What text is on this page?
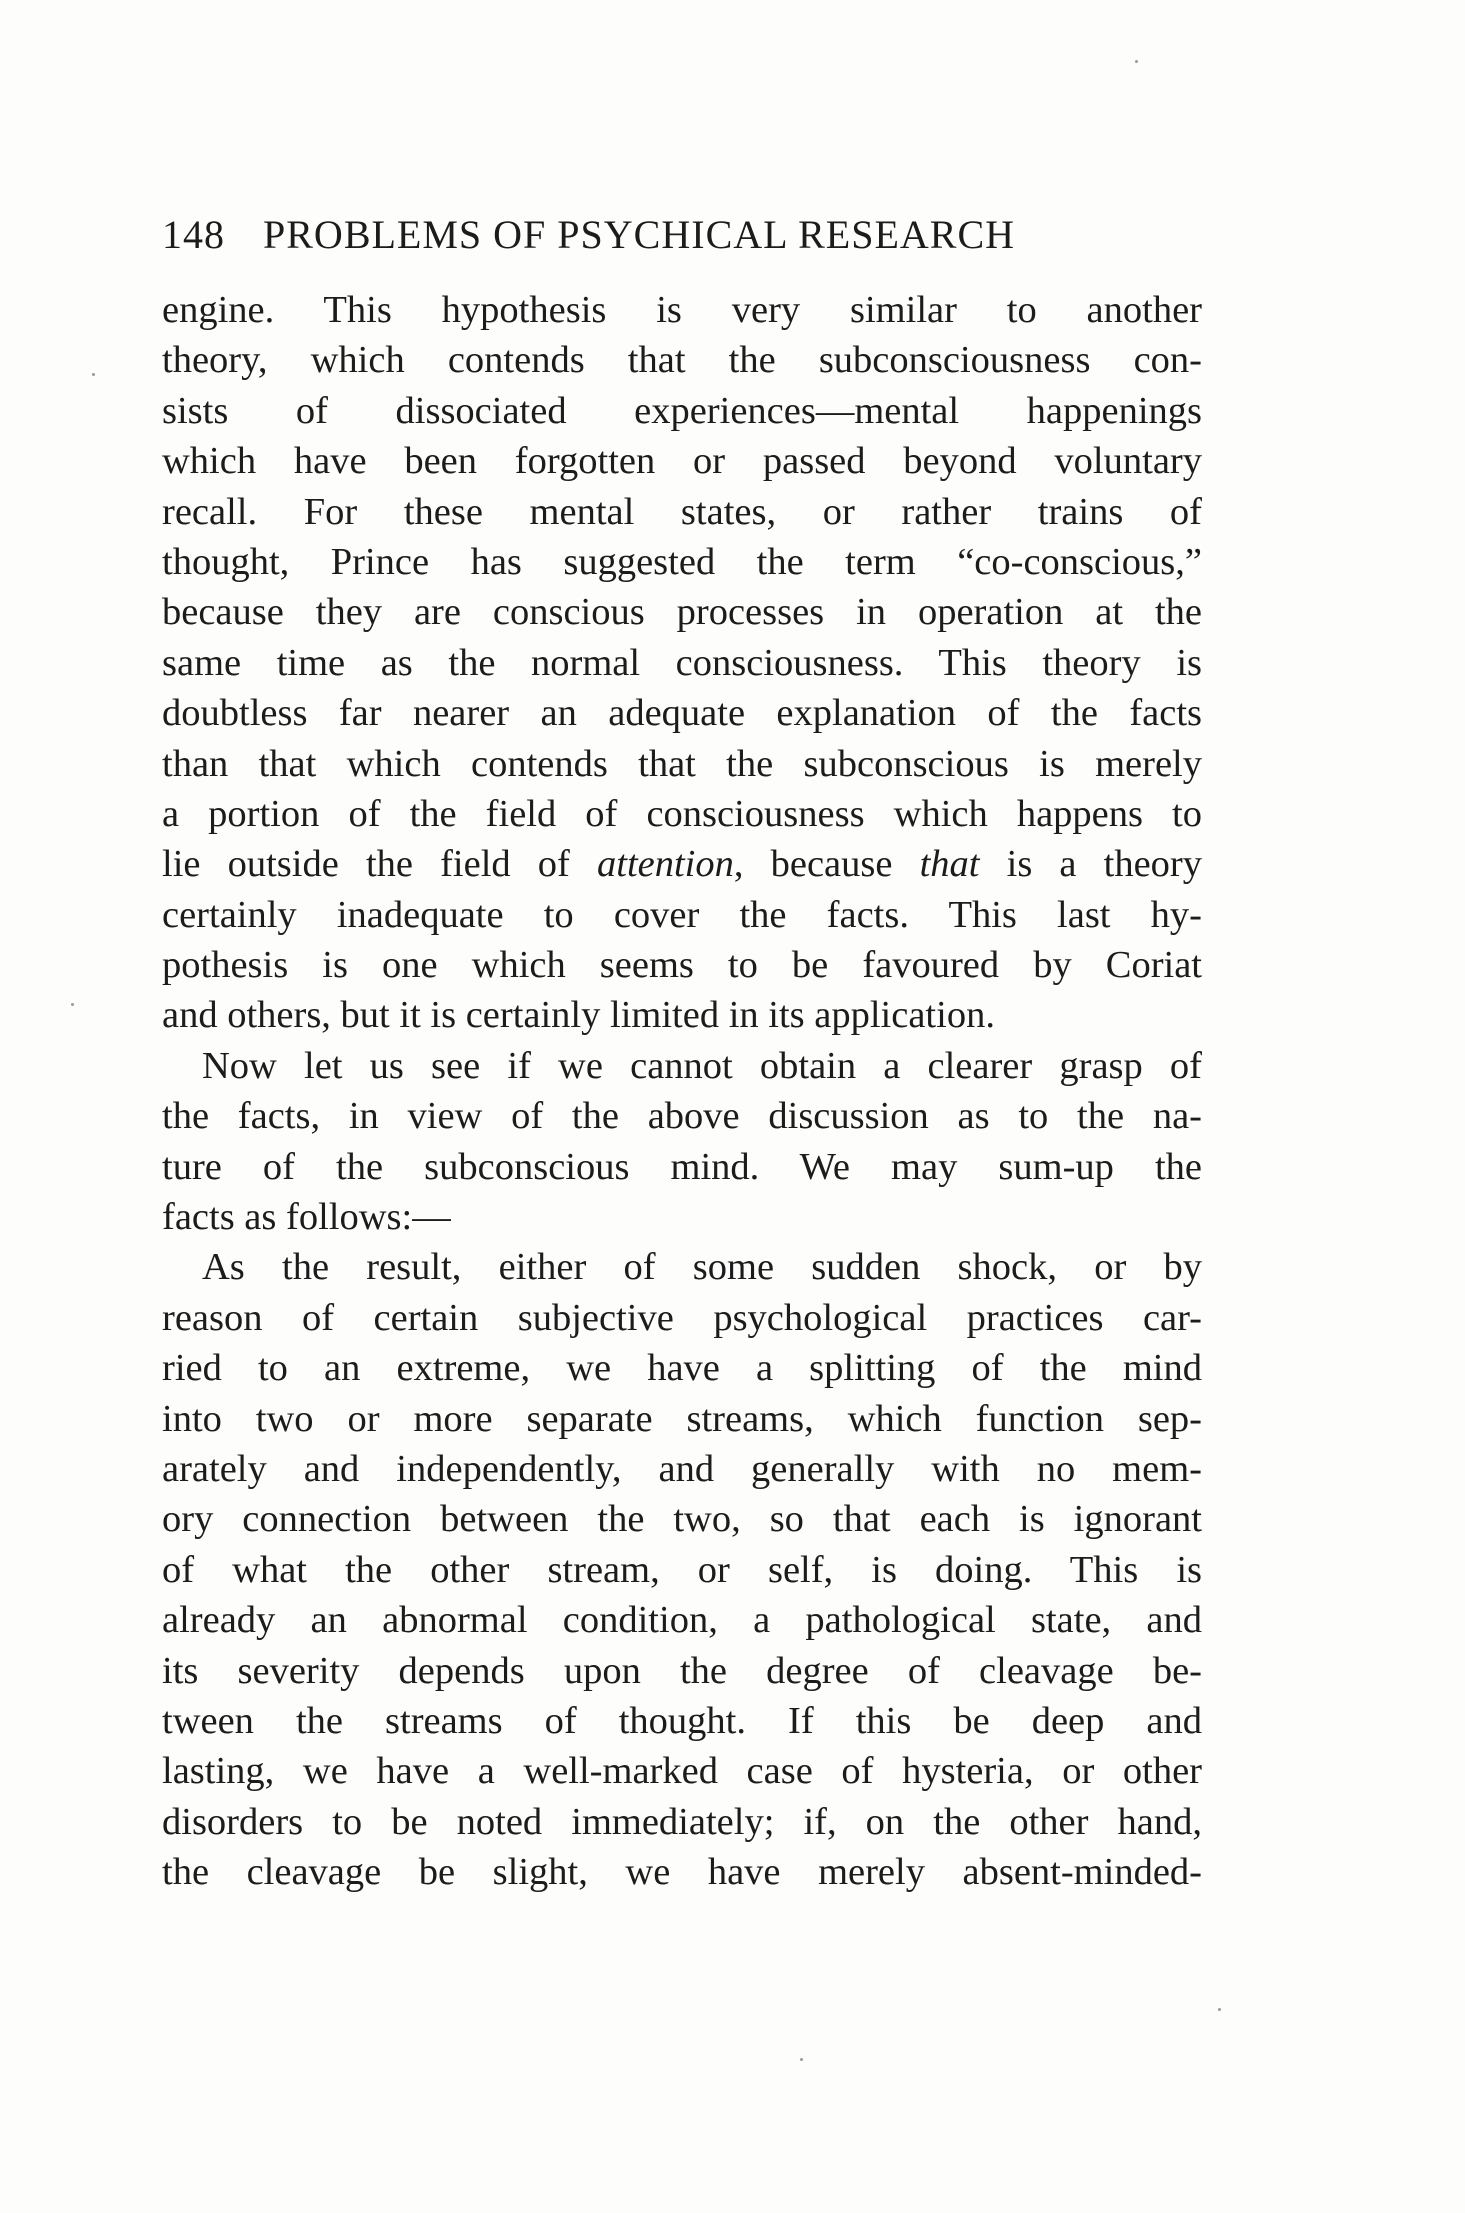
148 PROBLEMS OF PSYCHICAL RESEARCH
engine. This hypothesis is very similar to another
theory, which contends that the subconsciousness con-
sists of dissociated experiences—mental happenings
which have been forgotten or passed beyond voluntary
recall. For these mental states, or rather trains of
thought, Prince has suggested the term “co-conscious,”
because they are conscious processes in operation at the
same time as the normal consciousness. This theory is
doubtless far nearer an adequate explanation of the facts
than that which contends that the subconscious is merely
a portion of the field of consciousness which happens to
lie outside the field of attention, because that is a theory
certainly inadequate to cover the facts. This last hy-
pothesis is one which seems to be favoured by Coriat
and others, but it is certainly limited in its application.
Now let us see if we cannot obtain a clearer grasp of
the facts, in view of the above discussion as to the na-
ture of the subconscious mind. We may sum-up the
facts as follows:—
As the result, either of some sudden shock, or by
reason of certain subjective psychological practices car-
ried to an extreme, we have a splitting of the mind
into two or more separate streams, which function sep-
arately and independently, and generally with no mem-
ory connection between the two, so that each is ignorant
of what the other stream, or self, is doing. This is
already an abnormal condition, a pathological state, and
its severity depends upon the degree of cleavage be-
tween the streams of thought. If this be deep and
lasting, we have a well-marked case of hysteria, or other
disorders to be noted immediately; if, on the other hand,
the cleavage be slight, we have merely absent-minded-
